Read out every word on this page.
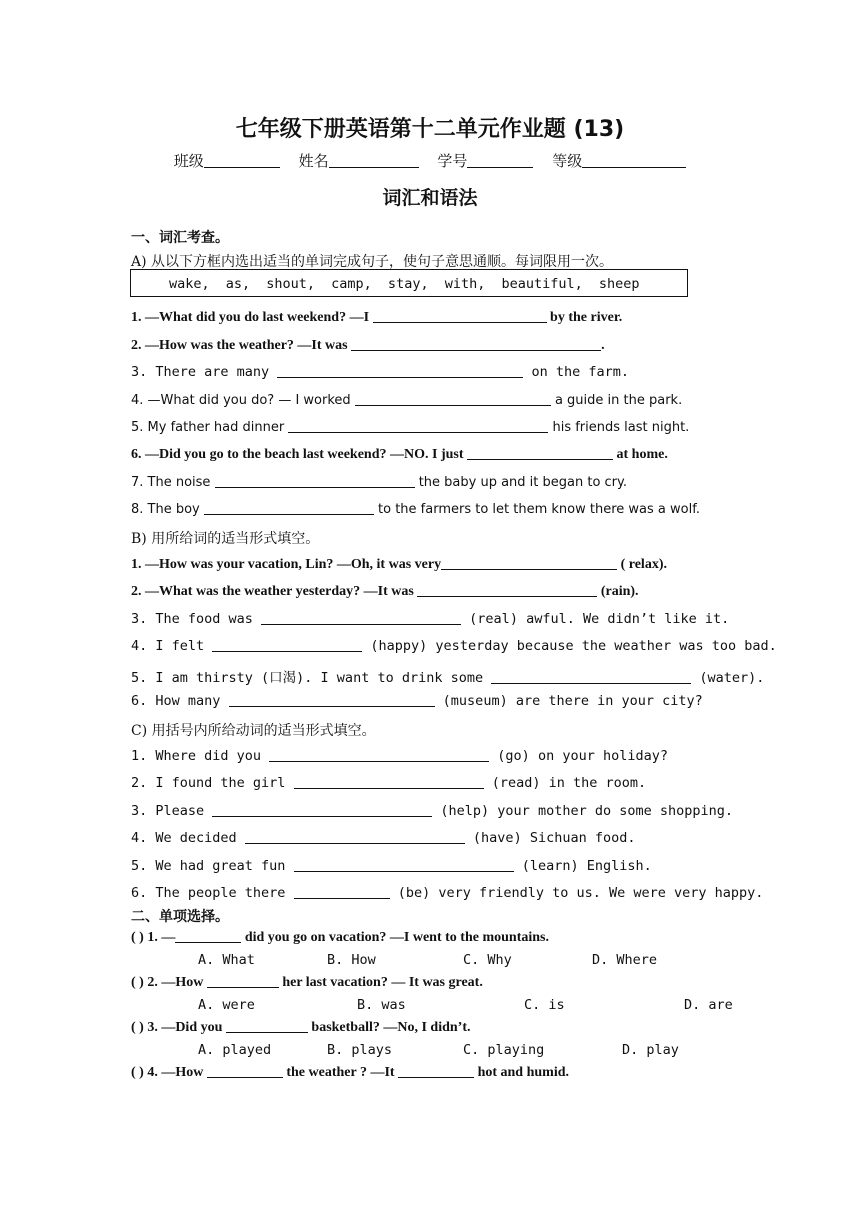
七年级下册英语第十二单元作业题 (13)
班级	姓名	学号	等级
词汇和语法
一、词汇考查。
A) 从以下方框内选出适当的单词完成句子，使句子意思通顺。每词限用一次。
wake, as, shout, camp, stay, with, beautiful, sheep
1. —What did you do last weekend? —I	by the river.
2. —How was the weather? —It was	.
3. There are many	on the farm.
4. —What did you do? — I worked	a guide in the park.
5. My father had dinner	his friends last night.
6. —Did you go to the beach last weekend? —NO. I just	at home.
7. The noise	the baby up and it began to cry.
8. The boy	to the farmers to let them know there was a wolf.
B) 用所给词的适当形式填空。
1. —How was your vacation, Lin? —Oh, it was very	( relax).
2. —What was the weather yesterday? —It was	(rain).
3. The food was	(real) awful. We didn’t like it.
4. I felt	(happy) yesterday because the weather was too bad.
5. I am thirsty (口渴). I want to drink some	(water).
6. How many	(museum) are there in your city?
C) 用括号内所给动词的适当形式填空。
1. Where did you	(go) on your holiday?
2. I found the girl	(read) in the room.
3. Please	(help) your mother do some shopping.
4. We decided	(have) Sichuan food.
5. We had great fun	(learn) English.
6. The people there	(be) very friendly to us. We were very happy.
二、单项选择。
( ) 1. —	did you go on vacation? —I went to the mountains.
A. What	B. How	C. Why	D. Where
( ) 2. —How	her last vacation? — It was great.
A. were	B. was	C. is	D. are
( ) 3. —Did you	basketball? —No, I didn’t.
A. played	B. plays	C. playing	D. play
( ) 4. —How	the weather ? —It	hot and humid.
